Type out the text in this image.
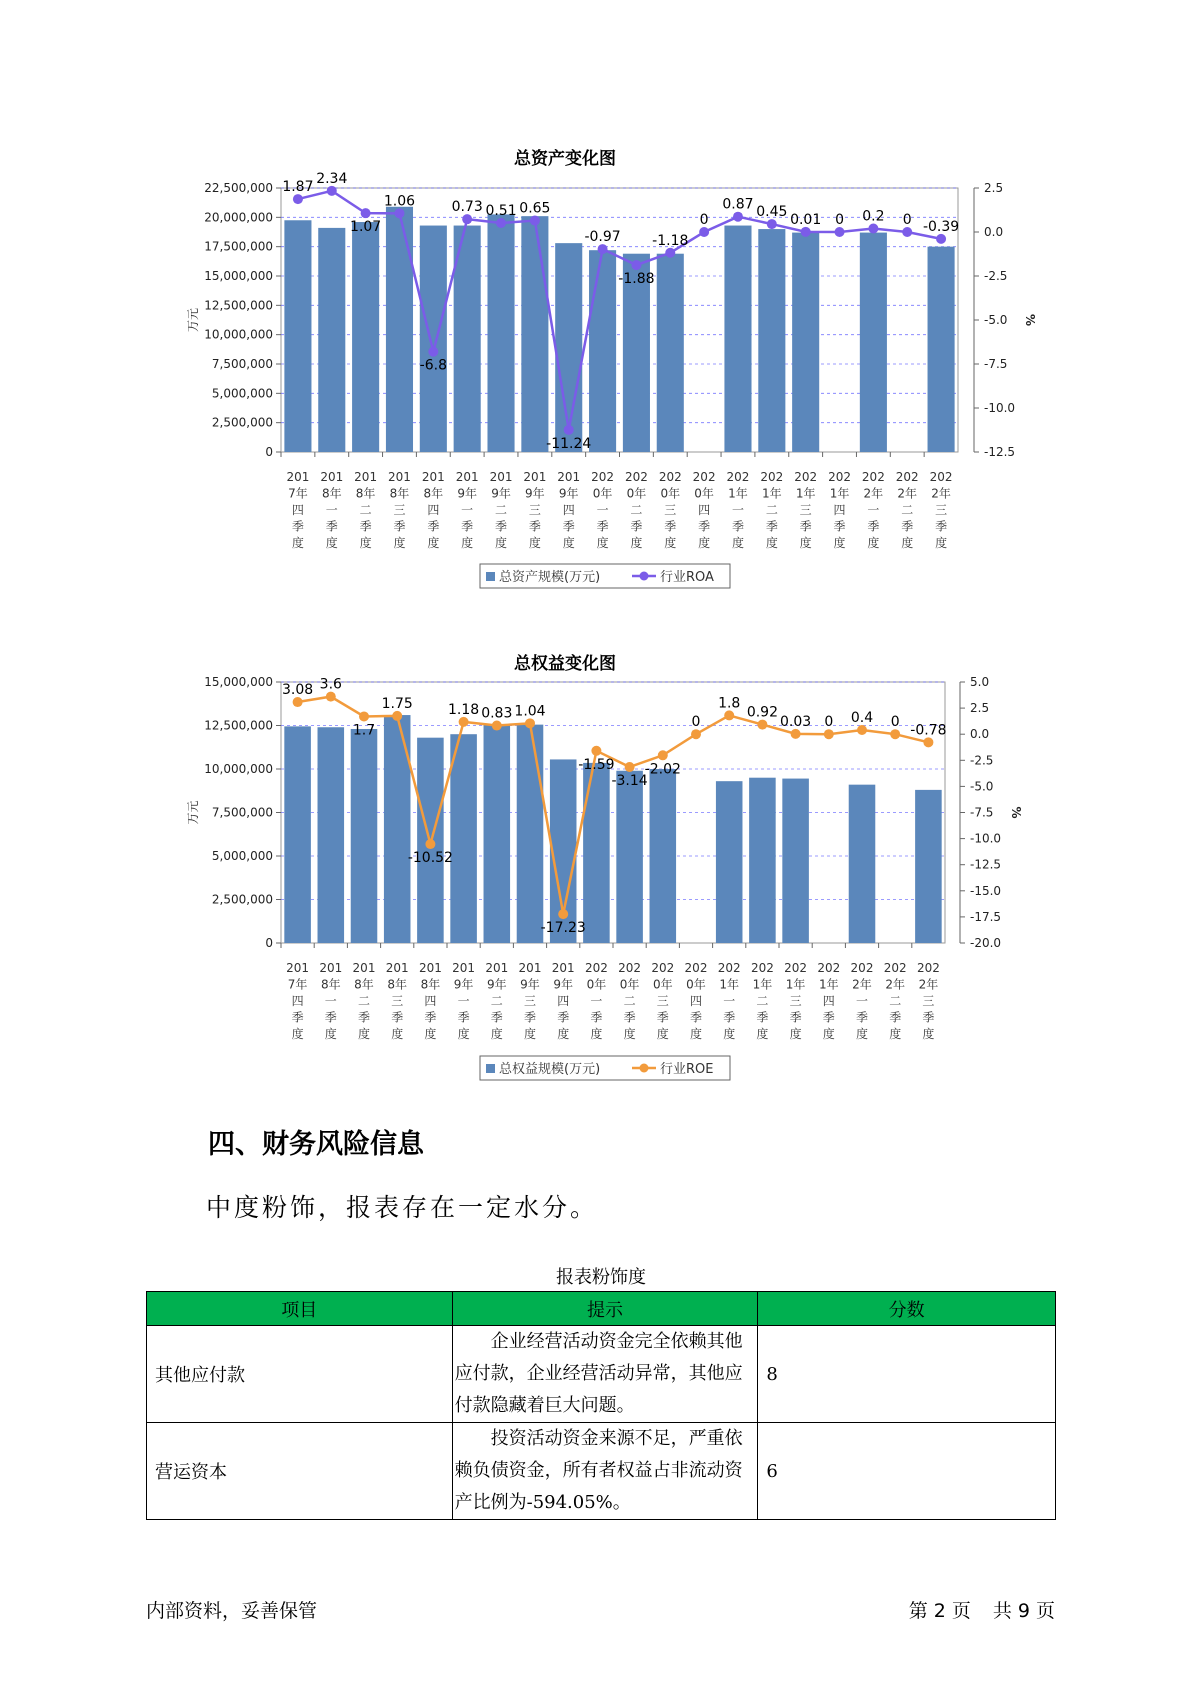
总资产变化图
22,500,000
20,000,000
17,500,000
15,000,000
12,500,000
10,000,000
7,500,000
5,000,000
2,500,000
0
2.5
0.0
-2.5
-5.0
-7.5
-10.0
-12.5
万元	%
201
7年
四
季
度
201
8年
一
季
度
201
8年
二
季
度
201
8年
三
季
度
201
8年
四
季
度
201
9年
一
季
度
201
9年
二
季
度
201
9年
三
季
度
201
9年
四
季
度
202
0年
一
季
度
202
0年
二
季
度
202
0年
三
季
度
202
0年
四
季
度
202
1年
一
季
度
202
1年
二
季
度
202
1年
三
季
度
202
1年
四
季
度
202
2年
一
季
度
202
2年
二
季
度
202
2年
三
季
度
1.87
2.34
1.07
1.06
-6.8
0.73 0.51 0.65
-11.24
-0.97
-1.88
-1.18
0
0.87 0.45 0.01 0 0.2 0 -0.39
总资产规模(万元)	行业ROA
总权益变化图
15,000,000
12,500,000
10,000,000
7,500,000
5,000,000
2,500,000
0
5.0
2.5
0.0
-2.5
-5.0
-7.5
-10.0
-12.5
-15.0
-17.5
-20.0
万元	%
201
7年
四
季
度
201
8年
一
季
度
201
8年
二
季
度
201
8年
三
季
度
201
8年
四
季
度
201
9年
一
季
度
201
9年
二
季
度
201
9年
三
季
度
201
9年
四
季
度
202
0年
一
季
度
202
0年
二
季
度
202
0年
三
季
度
202
0年
四
季
度
202
1年
一
季
度
202
1年
二
季
度
202
1年
三
季
度
202
1年
四
季
度
202
2年
一
季
度
202
2年
二
季
度
202
2年
三
季
度
3.08 3.6
1.7
1.75
-10.52
1.18 0.83 1.04
-17.23
-1.59
-3.14
-2.02
0
1.8
0.92
0.03 0 0.4 0
-0.78
总权益规模(万元)	行业ROE
四、财务风险信息
中度粉饰，报表存在一定水分。
报表粉饰度
项目	提示	分数
其他应付款	企业经营活动资金完全依赖其他应付款，企业经营活动异常，其他应付款隐藏着巨大问题。	8
营运资本	投资活动资金来源不足，严重依赖负债资金，所有者权益占非流动资产比例为-594.05%。	6
内部资料，妥善保管	第 2 页 共 9 页
